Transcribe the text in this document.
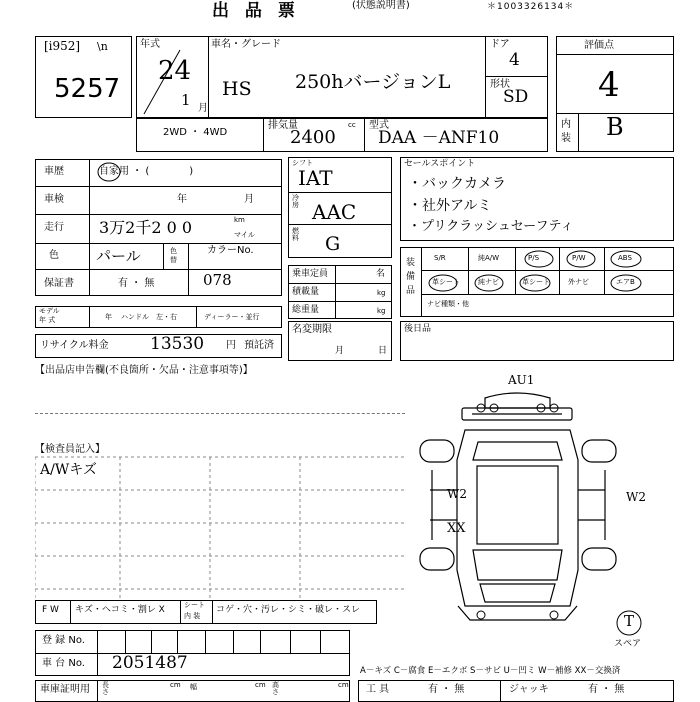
出 品 票	(状態説明書)	＊1003326134＊
[i952] \n
5257
年式
24
1 月
車名・グレード
HS 250hバージョンL
ドア
4
形状
SD
評価点
4
内装 B
2WD ・ 4WD
排気量	cc
2400
型式
DAA －ANF10
車歴	自家用 ・ (　　　　)
車検	年	月
走行 3万2千2 0 0	km
マイル
色 パール	色替
カラーNo.
保証書	有 ・ 無	078
モデル
年 式	年 ハンドル　左・右	ディーラー・並行
リサイクル料金 13530 円 預託済
シフト
IAT
冷房 AAC
燃料 G
乗車定員	名
積載量	kg
総重量	kg
名変期限
月	日
セールスポイント
・バックカメラ
・社外アルミ
・プリクラッシュセーフティ
装備品
S/R	純A/W	P/S	P/W	ABS
革シート	純ナビ	革シート	外ナビ	エアB
ナビ種類・他
後日品
【出品店申告欄(不良箇所・欠品・注意事項等)】
【検査員記入】
A/Wキズ
AU1
W2	W2
XX
T
スペア
F W キズ・ヘコミ・割レ X	シート
内 装
コゲ・穴・汚レ・シミ・破レ・スレ
登 録 No.
車 台 No. 2051487
車庫証明用 長さ
cm 幅	cm 高さ
cm
A－キズ C－腐食 E－エクボ S－サビ U－凹ミ W－補修 XX－交換済
工 具	有 ・ 無	ジャッキ	有 ・ 無
